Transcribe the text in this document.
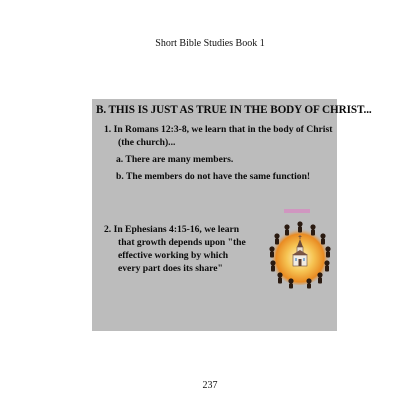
Short Bible Studies Book 1
B. THIS IS JUST AS TRUE IN THE BODY OF CHRIST...
1. In Romans 12:3-8, we learn that in the body of Christ
(the church)...
a. There are many members.
b. The members do not have the same function!
2. In Ephesians 4:15-16, we learn
that growth depends upon "the
effective working by which
every part does its share"
237
